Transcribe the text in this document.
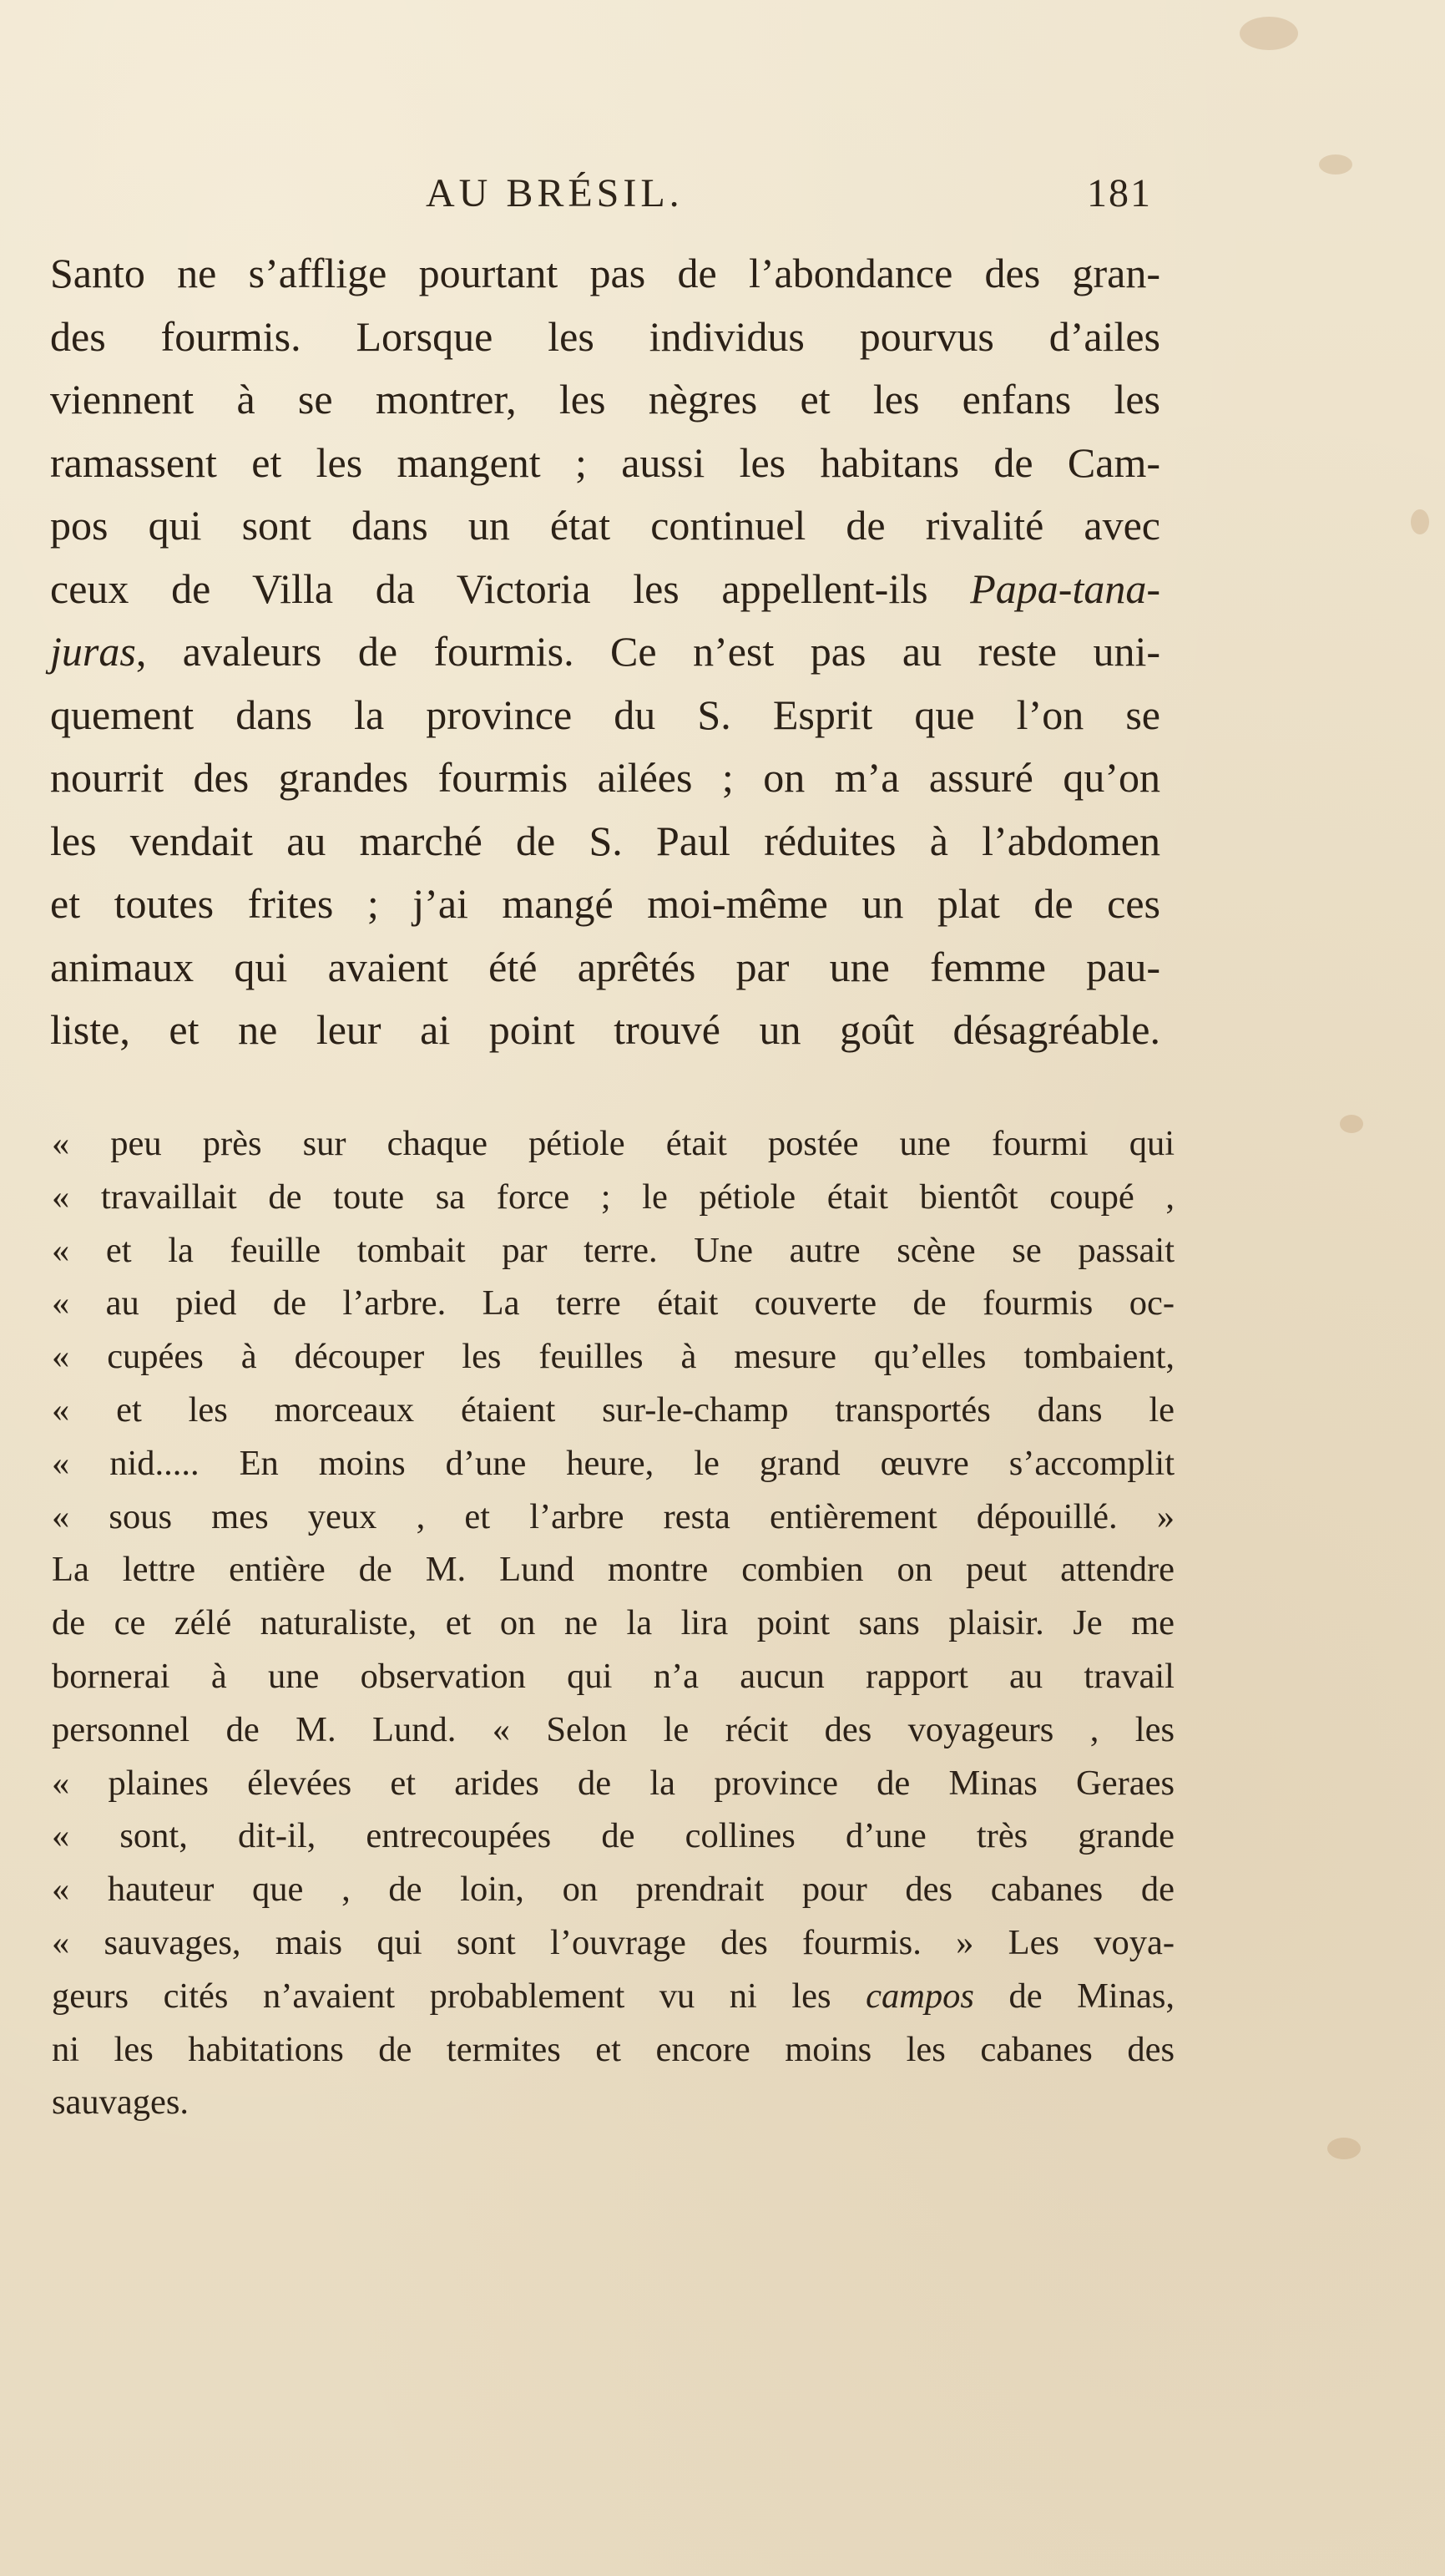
AU BRÉSIL.	181
Santo ne s’afflige pourtant pas de l’abondance des gran-
des fourmis. Lorsque les individus pourvus d’ailes
viennent à se montrer, les nègres et les enfans les
ramassent et les mangent ; aussi les habitans de Cam-
pos qui sont dans un état continuel de rivalité avec
ceux de Villa da Victoria les appellent-ils Papa-tana-
juras, avaleurs de fourmis. Ce n’est pas au reste uni-
quement dans la province du S. Esprit que l’on se
nourrit des grandes fourmis ailées ; on m’a assuré qu’on
les vendait au marché de S. Paul réduites à l’abdomen
et toutes frites ; j’ai mangé moi-même un plat de ces
animaux qui avaient été aprêtés par une femme pau-
liste, et ne leur ai point trouvé un goût désagréable.
« peu près sur chaque pétiole était postée une fourmi qui
« travaillait de toute sa force ; le pétiole était bientôt coupé ,
« et la feuille tombait par terre. Une autre scène se passait
« au pied de l’arbre. La terre était couverte de fourmis oc-
« cupées à découper les feuilles à mesure qu’elles tombaient,
« et les morceaux étaient sur-le-champ transportés dans le
« nid..... En moins d’une heure, le grand œuvre s’accomplit
« sous mes yeux , et l’arbre resta entièrement dépouillé. »
La lettre entière de M. Lund montre combien on peut attendre
de ce zélé naturaliste, et on ne la lira point sans plaisir. Je me
bornerai à une observation qui n’a aucun rapport au travail
personnel de M. Lund. « Selon le récit des voyageurs , les
« plaines élevées et arides de la province de Minas Geraes
« sont, dit-il, entrecoupées de collines d’une très grande
« hauteur que , de loin, on prendrait pour des cabanes de
« sauvages, mais qui sont l’ouvrage des fourmis. » Les voya-
geurs cités n’avaient probablement vu ni les campos de Minas,
ni les habitations de termites et encore moins les cabanes des
sauvages.
